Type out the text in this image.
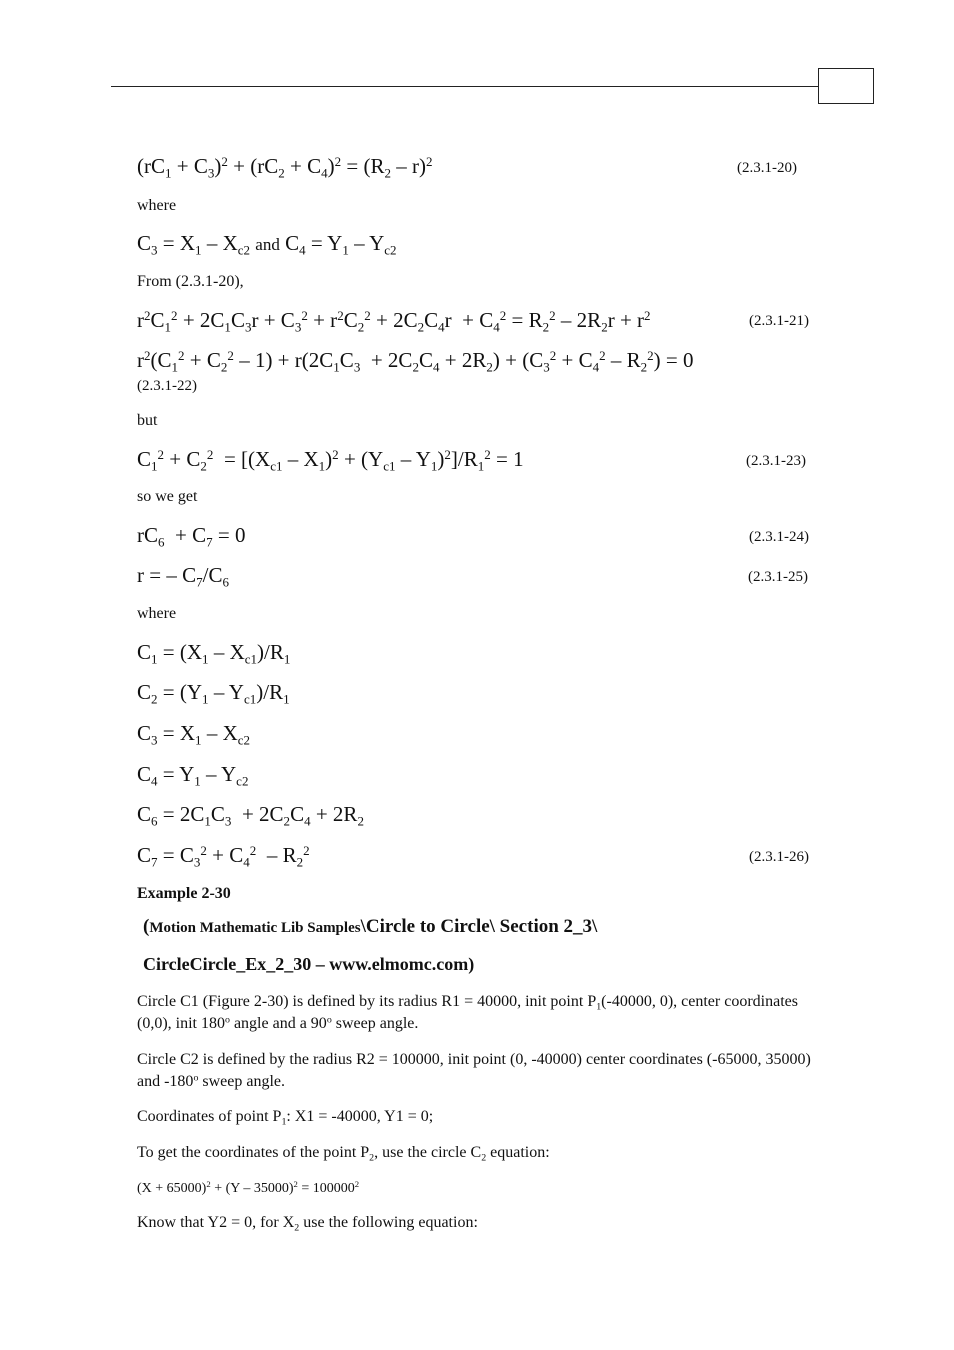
$(rC_1 + C_3)^2 + (rC_2 + C_4)^2 = (R_2 - r)^2$	(2.3.1-20)
where
$C_3 = X_1 - X_{c2}$ and $C_4 = Y_1 - Y_{c2}$
From (2.3.1-20),
$r^2C_1^2 + 2C_1C_3r + C_3^2 + r^2C_2^2 + 2C_2C_4r + C_4^2 = R_2^2 - 2R_2r + r^2$	(2.3.1-21)
$r^2(C_1^2 + C_2^2 - 1) + r(2C_1C_3 + 2C_2C_4 + 2R_2) + (C_3^2 + C_4^2 - R_2^2) = 0$
(2.3.1-22)
but
$C_1^2 + C_2^2 = [(X_{c1} - X_1)^2 + (Y_{c1} - Y_1)^2]/R_1^2 = 1$	(2.3.1-23)
so we get
$rC_6 + C_7 = 0$	(2.3.1-24)
r = – $C_7/C_6$	(2.3.1-25)
where
$C_1 = (X_1 - X_{c1})/R_1$
$C_2 = (Y_1 - Y_{c1})/R_1$
$C_3 = X_1 - X_{c2}$
$C_4 = Y_1 - Y_{c2}$
$C_6 = 2C_1C_3 + 2C_2C_4 + 2R_2$
$C_7 = C_3^2 + C_4^2 - R_2^2$	(2.3.1-26)
Example 2-30
(Motion Mathematic Lib Samples\Circle to Circle\ Section 2_3\
CircleCircle_Ex_2_30 – www.elmomc.com)
Circle C1 (Figure 2-30) is defined by its radius R1 = 40000, init point $P_1(-40000$, 0), center coordinates (0,0), init 180$^o$ angle and a 90$^o$ sweep angle.
Circle C2 is defined by the radius R2 = 100000, init point (0, -40000) center coordinates (-65000, 35000) and -180$^o$ sweep angle.
Coordinates of point $P_1$: X1 = -40000, Y1 = 0;
To get the coordinates of the point $P_2$, use the circle $C_2$ equation:
$(X + 65000)^2 + (Y - 35000)^2 = 100000^2$
Know that Y2 = 0, for $X_2$ use the following equation:
